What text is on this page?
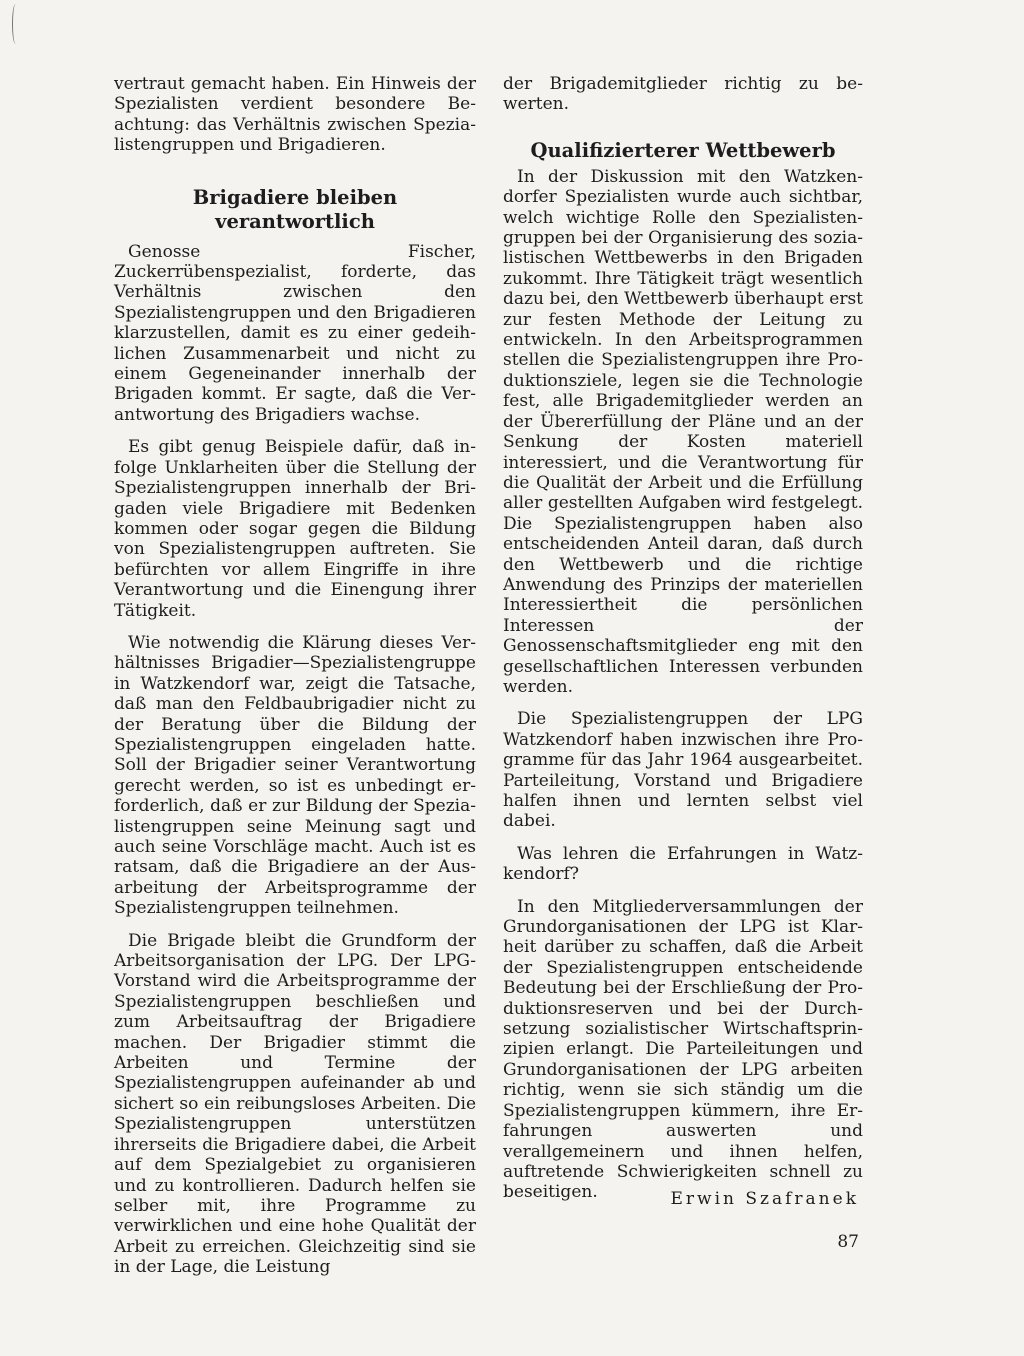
vertraut gemacht haben. Ein Hinweis der Spezialisten verdient besondere Beachtung: das Verhältnis zwischen Spezialistengruppen und Brigadieren.

Brigadiere bleiben verantwortlich

Genosse Fischer, Zuckerrübenspezialist, forderte, das Verhältnis zwischen den Spezialistengruppen und den Brigadieren klarzustellen, damit es zu einer gedeihlichen Zusammenarbeit und nicht zu einem Gegeneinander innerhalb der Brigaden kommt. Er sagte, daß die Verantwortung des Brigadiers wachse.

Es gibt genug Beispiele dafür, daß infolge Unklarheiten über die Stellung der Spezialistengruppen innerhalb der Brigaden viele Brigadiere mit Bedenken kommen oder sogar gegen die Bildung von Spezialistengruppen auftreten. Sie befürchten vor allem Eingriffe in ihre Verantwortung und die Einengung ihrer Tätigkeit.

Wie notwendig die Klärung dieses Verhältnisses Brigadier—Spezialistengruppe in Watzkendorf war, zeigt die Tatsache, daß man den Feldbaubrigadier nicht zu der Beratung über die Bildung der Spezialistengruppen eingeladen hatte. Soll der Brigadier seiner Verantwortung gerecht werden, so ist es unbedingt erforderlich, daß er zur Bildung der Spezialistengruppen seine Meinung sagt und auch seine Vorschläge macht. Auch ist es ratsam, daß die Brigadiere an der Ausarbeitung der Arbeitsprogramme der Spezialistengruppen teilnehmen.

Die Brigade bleibt die Grundform der Arbeitsorganisation der LPG. Der LPG-Vorstand wird die Arbeitsprogramme der Spezialistengruppen beschließen und zum Arbeitsauftrag der Brigadiere machen. Der Brigadier stimmt die Arbeiten und Termine der Spezialistengruppen aufeinander ab und sichert so ein reibungsloses Arbeiten. Die Spezialistengruppen unterstützen ihrerseits die Brigadiere dabei, die Arbeit auf dem Spezialgebiet zu organisieren und zu kontrollieren. Dadurch helfen sie selber mit, ihre Programme zu verwirklichen und eine hohe Qualität der Arbeit zu erreichen. Gleichzeitig sind sie in der Lage, die Leistung

der Brigademitglieder richtig zu bewerten.

Qualifizierterer Wettbewerb

In der Diskussion mit den Watzkendorfer Spezialisten wurde auch sichtbar, welch wichtige Rolle den Spezialistengruppen bei der Organisierung des sozialistischen Wettbewerbs in den Brigaden zukommt. Ihre Tätigkeit trägt wesentlich dazu bei, den Wettbewerb überhaupt erst zur festen Methode der Leitung zu entwickeln. In den Arbeitsprogrammen stellen die Spezialistengruppen ihre Produktionsziele, legen sie die Technologie fest, alle Brigademitglieder werden an der Übererfüllung der Pläne und an der Senkung der Kosten materiell interessiert, und die Verantwortung für die Qualität der Arbeit und die Erfüllung aller gestellten Aufgaben wird festgelegt. Die Spezialistengruppen haben also entscheidenden Anteil daran, daß durch den Wettbewerb und die richtige Anwendung des Prinzips der materiellen Interessiertheit die persönlichen Interessen der Genossenschaftsmitglieder eng mit den gesellschaftlichen Interessen verbunden werden.

Die Spezialistengruppen der LPG Watzkendorf haben inzwischen ihre Programme für das Jahr 1964 ausgearbeitet. Parteileitung, Vorstand und Brigadiere halfen ihnen und lernten selbst viel dabei.

Was lehren die Erfahrungen in Watzkendorf?

In den Mitgliederversammlungen der Grundorganisationen der LPG ist Klarheit darüber zu schaffen, daß die Arbeit der Spezialistengruppen entscheidende Bedeutung bei der Erschließung der Produktionsreserven und bei der Durchsetzung sozialistischer Wirtschaftsprinzipien erlangt. Die Parteileitungen und Grundorganisationen der LPG arbeiten richtig, wenn sie sich ständig um die Spezialistengruppen kümmern, ihre Erfahrungen auswerten und verallgemeinern und ihnen helfen, auftretende Schwierigkeiten schnell zu beseitigen.	Erwin Szafranek
87
